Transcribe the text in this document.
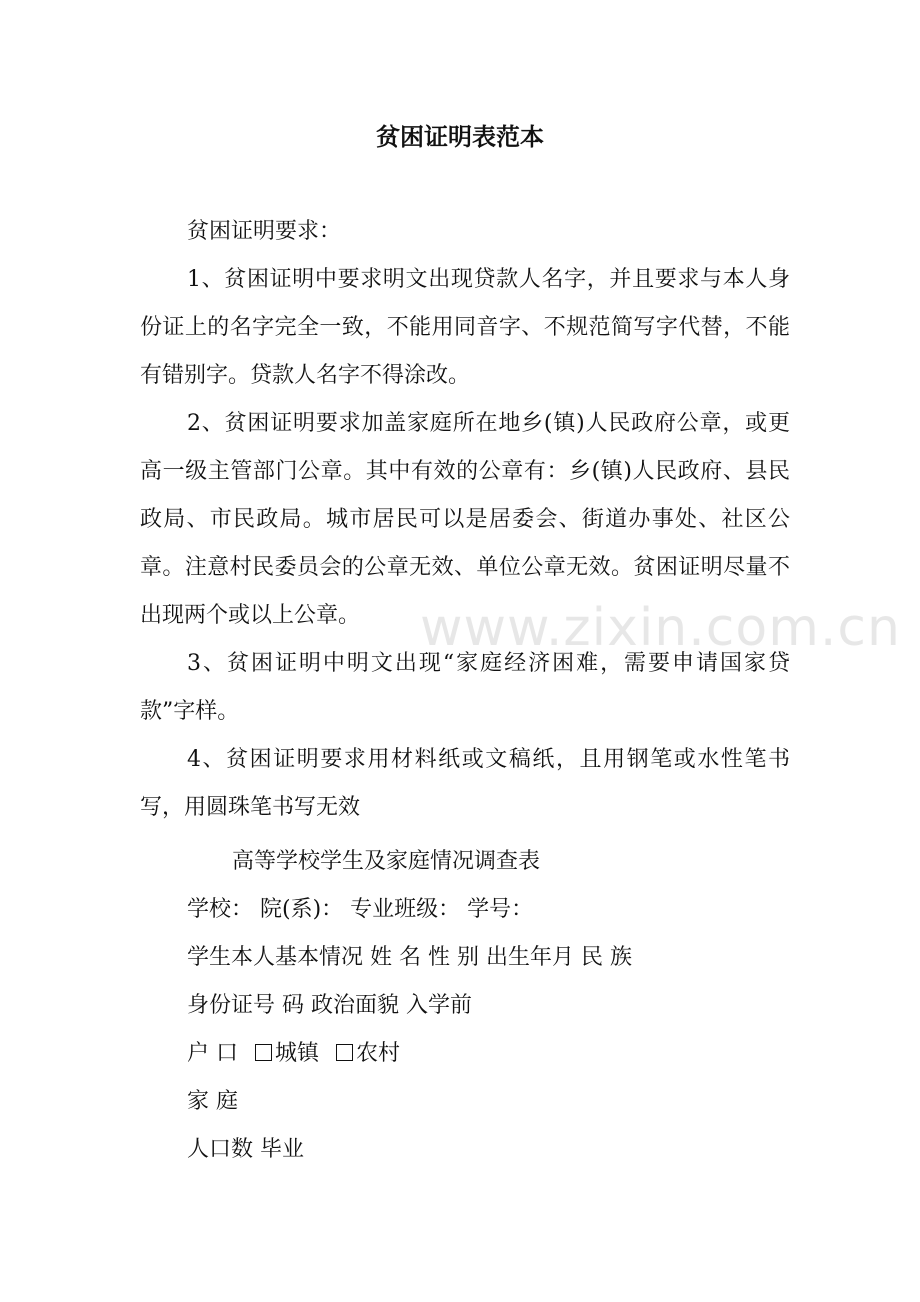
贫困证明表范本

贫困证明要求：

1、贫困证明中要求明文出现贷款人名字，并且要求与本人身份证上的名字完全一致，不能用同音字、不规范简写字代替，不能有错别字。贷款人名字不得涂改。

2、贫困证明要求加盖家庭所在地乡(镇)人民政府公章，或更高一级主管部门公章。其中有效的公章有：乡(镇)人民政府、县民政局、市民政局。城市居民可以是居委会、街道办事处、社区公章。注意村民委员会的公章无效、单位公章无效。贫困证明尽量不出现两个或以上公章。

3、贫困证明中明文出现“家庭经济困难，需要申请国家贷款”字样。

4、贫困证明要求用材料纸或文稿纸，且用钢笔或水性笔书写，用圆珠笔书写无效

高等学校学生及家庭情况调查表

学校： 院(系)： 专业班级： 学号：

学生本人基本情况 姓 名 性 别 出生年月 民 族

身份证号 码 政治面貌 入学前

户 口 城镇 农村

家 庭

人口数 毕业

www.zixin.com.cn
